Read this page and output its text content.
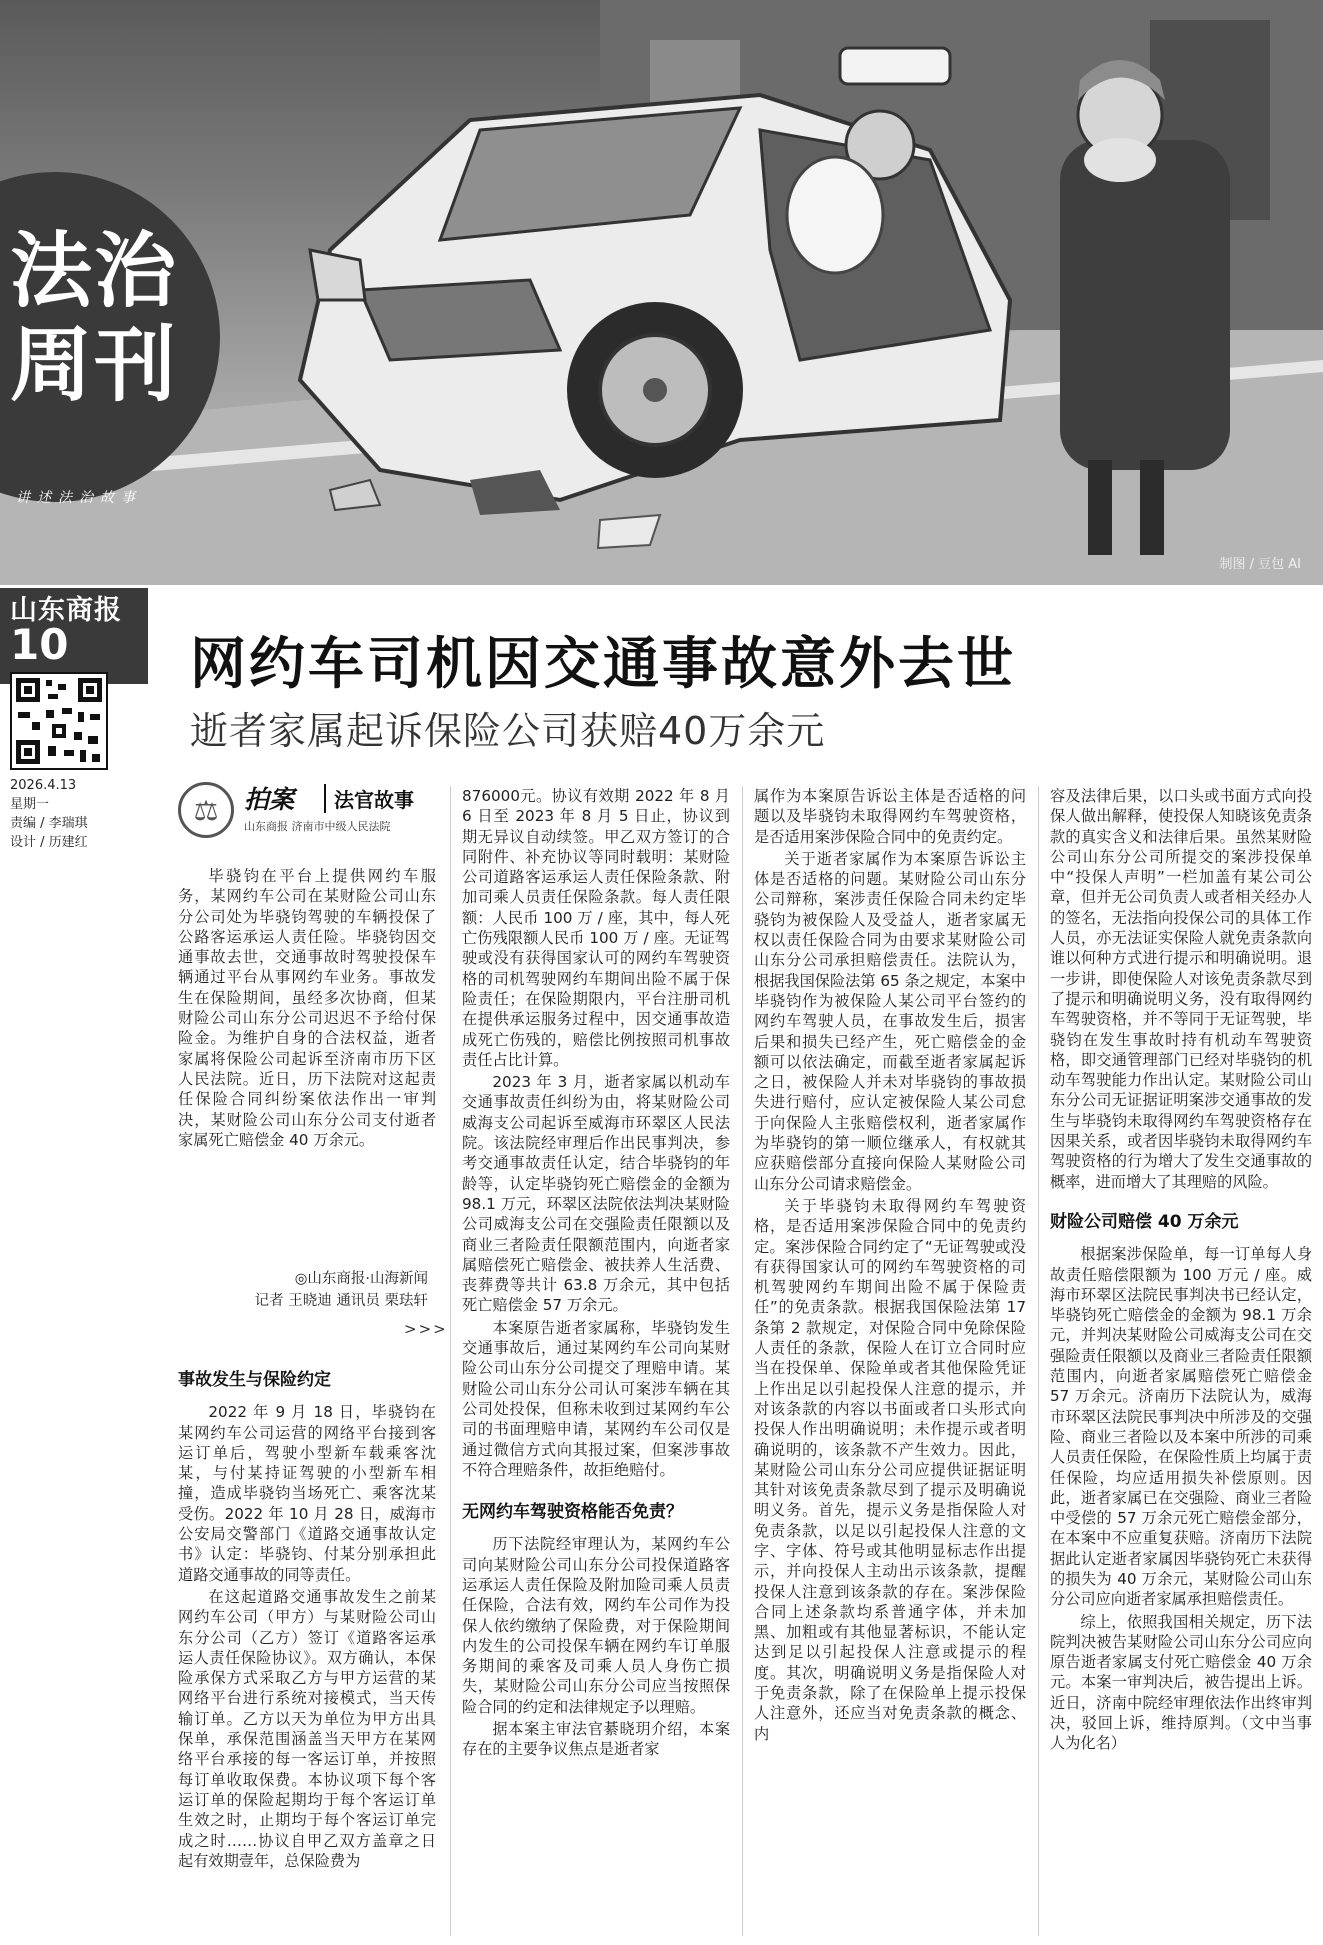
制图 / 豆包 AI
法治
周刊
讲述法治故事
山东商报
10
2026.4.13
星期一
责编 / 李瑞琪
设计 / 历建红
网约车司机因交通事故意外去世
逝者家属起诉保险公司获赔40万余元
⚖	拍案	法官故事
山东商报 济南市中级人民法院

毕骁钧在平台上提供网约车服务，某网约车公司在某财险公司山东分公司处为毕骁钧驾驶的车辆投保了公路客运承运人责任险。毕骁钧因交通事故去世，交通事故时驾驶投保车辆通过平台从事网约车业务。事故发生在保险期间，虽经多次协商，但某财险公司山东分公司迟迟不予给付保险金。为维护自身的合法权益，逝者家属将保险公司起诉至济南市历下区人民法院。近日，历下法院对这起责任保险合同纠纷案依法作出一审判决，某财险公司山东分公司支付逝者家属死亡赔偿金 40 万余元。

◎山东商报·山海新闻
记者 王晓迪 通讯员 栗珐轩
>>>
事故发生与保险约定

2022 年 9 月 18 日，毕骁钧在某网约车公司运营的网络平台接到客运订单后，驾驶小型新车载乘客沈某，与付某持证驾驶的小型新车相撞，造成毕骁钧当场死亡、乘客沈某受伤。2022 年 10 月 28 日，威海市公安局交警部门《道路交通事故认定书》认定：毕骁钧、付某分别承担此道路交通事故的同等责任。

在这起道路交通事故发生之前某网约车公司（甲方）与某财险公司山东分公司（乙方）签订《道路客运承运人责任保险协议》。双方确认，本保险承保方式采取乙方与甲方运营的某网络平台进行系统对接模式，当天传输订单。乙方以天为单位为甲方出具保单，承保范围涵盖当天甲方在某网络平台承接的每一客运订单，并按照每订单收取保费。本协议项下每个客运订单的保险起期均于每个客运订单生效之时，止期均于每个客运订单完成之时……协议自甲乙双方盖章之日起有效期壹年，总保险费为

876000元。协议有效期 2022 年 8 月 6 日至 2023 年 8 月 5 日止，协议到期无异议自动续签。甲乙双方签订的合同附件、补充协议等同时载明：某财险公司道路客运承运人责任保险条款、附加司乘人员责任保险条款。每人责任限额：人民币 100 万 / 座，其中，每人死亡伤残限额人民币 100 万 / 座。无证驾驶或没有获得国家认可的网约车驾驶资格的司机驾驶网约车期间出险不属于保险责任；在保险期限内，平台注册司机在提供承运服务过程中，因交通事故造成死亡伤残的，赔偿比例按照司机事故责任占比计算。

2023 年 3 月，逝者家属以机动车交通事故责任纠纷为由，将某财险公司威海支公司起诉至威海市环翠区人民法院。该法院经审理后作出民事判决，参考交通事故责任认定，结合毕骁钧的年龄等，认定毕骁钧死亡赔偿金的金额为 98.1 万元，环翠区法院依法判决某财险公司威海支公司在交强险责任限额以及商业三者险责任限额范围内，向逝者家属赔偿死亡赔偿金、被扶养人生活费、丧葬费等共计 63.8 万余元，其中包括死亡赔偿金 57 万余元。

本案原告逝者家属称，毕骁钧发生交通事故后，通过某网约车公司向某财险公司山东分公司提交了理赔申请。某财险公司山东分公司认可案涉车辆在其公司处投保，但称未收到过某网约车公司的书面理赔申请，某网约车公司仅是通过微信方式向其报过案，但案涉事故不符合理赔条件，故拒绝赔付。

无网约车驾驶资格能否免责？

历下法院经审理认为，某网约车公司向某财险公司山东分公司投保道路客运承运人责任保险及附加险司乘人员责任保险，合法有效，网约车公司作为投保人依约缴纳了保险费，对于保险期间内发生的公司投保车辆在网约车订单服务期间的乘客及司乘人员人身伤亡损失，某财险公司山东分公司应当按照保险合同的约定和法律规定予以理赔。

据本案主审法官綦晓玥介绍，本案存在的主要争议焦点是逝者家

属作为本案原告诉讼主体是否适格的问题以及毕骁钧未取得网约车驾驶资格，是否适用案涉保险合同中的免责约定。

关于逝者家属作为本案原告诉讼主体是否适格的问题。某财险公司山东分公司辩称，案涉责任保险合同未约定毕骁钧为被保险人及受益人，逝者家属无权以责任保险合同为由要求某财险公司山东分公司承担赔偿责任。法院认为，根据我国保险法第 65 条之规定，本案中毕骁钧作为被保险人某公司平台签约的网约车驾驶人员，在事故发生后，损害后果和损失已经产生，死亡赔偿金的金额可以依法确定，而截至逝者家属起诉之日，被保险人并未对毕骁钧的事故损失进行赔付，应认定被保险人某公司怠于向保险人主张赔偿权利，逝者家属作为毕骁钧的第一顺位继承人，有权就其应获赔偿部分直接向保险人某财险公司山东分公司请求赔偿金。

关于毕骁钧未取得网约车驾驶资格，是否适用案涉保险合同中的免责约定。案涉保险合同约定了“无证驾驶或没有获得国家认可的网约车驾驶资格的司机驾驶网约车期间出险不属于保险责任”的免责条款。根据我国保险法第 17 条第 2 款规定，对保险合同中免除保险人责任的条款，保险人在订立合同时应当在投保单、保险单或者其他保险凭证上作出足以引起投保人注意的提示，并对该条款的内容以书面或者口头形式向投保人作出明确说明；未作提示或者明确说明的，该条款不产生效力。因此，某财险公司山东分公司应提供证据证明其针对该免责条款尽到了提示及明确说明义务。首先，提示义务是指保险人对免责条款，以足以引起投保人注意的文字、字体、符号或其他明显标志作出提示，并向投保人主动出示该条款，提醒投保人注意到该条款的存在。案涉保险合同上述条款均系普通字体，并未加黑、加粗或有其他显著标识，不能认定达到足以引起投保人注意或提示的程度。其次，明确说明义务是指保险人对于免责条款，除了在保险单上提示投保人注意外，还应当对免责条款的概念、内

容及法律后果，以口头或书面方式向投保人做出解释，使投保人知晓该免责条款的真实含义和法律后果。虽然某财险公司山东分公司所提交的案涉投保单中“投保人声明”一栏加盖有某公司公章，但并无公司负责人或者相关经办人的签名，无法指向投保公司的具体工作人员，亦无法证实保险人就免责条款向谁以何种方式进行提示和明确说明。退一步讲，即使保险人对该免责条款尽到了提示和明确说明义务，没有取得网约车驾驶资格，并不等同于无证驾驶，毕骁钧在发生事故时持有机动车驾驶资格，即交通管理部门已经对毕骁钧的机动车驾驶能力作出认定。某财险公司山东分公司无证据证明案涉交通事故的发生与毕骁钧未取得网约车驾驶资格存在因果关系，或者因毕骁钧未取得网约车驾驶资格的行为增大了发生交通事故的概率，进而增大了其理赔的风险。

财险公司赔偿 40 万余元

根据案涉保险单，每一订单每人身故责任赔偿限额为 100 万元 / 座。威海市环翠区法院民事判决书已经认定，毕骁钧死亡赔偿金的金额为 98.1 万余元，并判决某财险公司威海支公司在交强险责任限额以及商业三者险责任限额范围内，向逝者家属赔偿死亡赔偿金 57 万余元。济南历下法院认为，威海市环翠区法院民事判决中所涉及的交强险、商业三者险以及本案中所涉的司乘人员责任保险，在保险性质上均属于责任保险，均应适用损失补偿原则。因此，逝者家属已在交强险、商业三者险中受偿的 57 万余元死亡赔偿金部分，在本案中不应重复获赔。济南历下法院据此认定逝者家属因毕骁钧死亡未获得的损失为 40 万余元，某财险公司山东分公司应向逝者家属承担赔偿责任。

综上，依照我国相关规定，历下法院判决被告某财险公司山东分公司应向原告逝者家属支付死亡赔偿金 40 万余元。本案一审判决后，被告提出上诉。近日，济南中院经审理依法作出终审判决，驳回上诉，维持原判。（文中当事人为化名）
